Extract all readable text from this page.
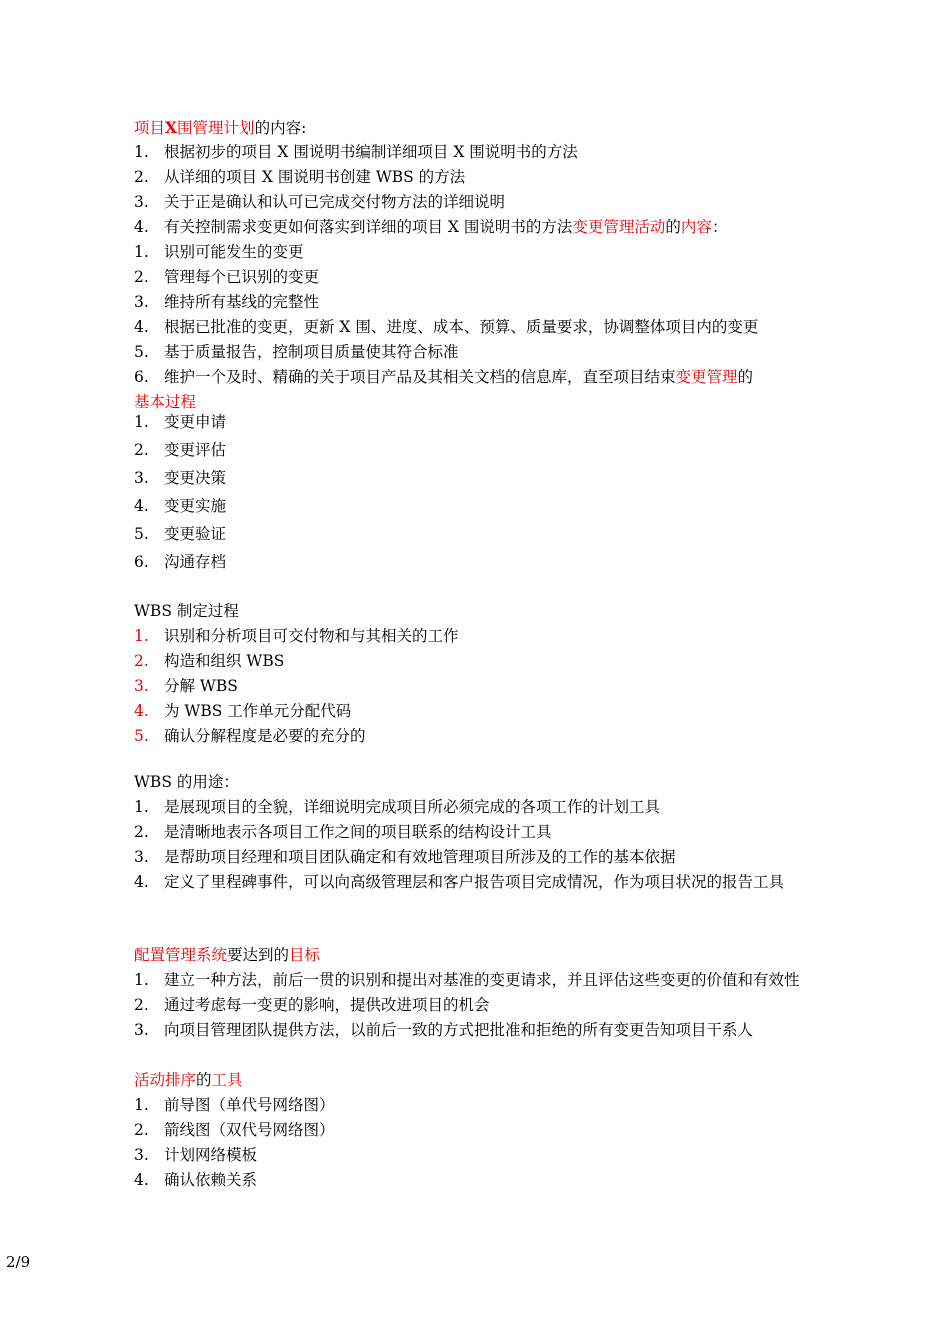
项目X围管理计划的内容:
1. 根据初步的项目 X 围说明书编制详细项目 X 围说明书的方法
2. 从详细的项目 X 围说明书创建 WBS 的方法
3. 关于正是确认和认可已完成交付物方法的详细说明
4. 有关控制需求变更如何落实到详细的项目 X 围说明书的方法变更管理活动的内容：
1. 识别可能发生的变更
2. 管理每个已识别的变更
3. 维持所有基线的完整性
4. 根据已批准的变更，更新 X 围、进度、成本、预算、质量要求，协调整体项目内的变更
5. 基于质量报告，控制项目质量使其符合标准
6. 维护一个及时、精确的关于项目产品及其相关文档的信息库，直至项目结束变更管理的
基本过程
1. 变更申请
2. 变更评估
3. 变更决策
4. 变更实施
5. 变更验证
6. 沟通存档
WBS 制定过程
1. 识别和分析项目可交付物和与其相关的工作
2. 构造和组织 WBS
3. 分解 WBS
4. 为 WBS 工作单元分配代码
5. 确认分解程度是必要的充分的
WBS 的用途：
1. 是展现项目的全貌，详细说明完成项目所必须完成的各项工作的计划工具
2. 是清晰地表示各项目工作之间的项目联系的结构设计工具
3. 是帮助项目经理和项目团队确定和有效地管理项目所涉及的工作的基本依据
4. 定义了里程碑事件，可以向高级管理层和客户报告项目完成情况，作为项目状况的报告工具
配置管理系统要达到的目标
1. 建立一种方法，前后一贯的识别和提出对基准的变更请求，并且评估这些变更的价值和有效性
2. 通过考虑每一变更的影响，提供改进项目的机会
3. 向项目管理团队提供方法，以前后一致的方式把批准和拒绝的所有变更告知项目干系人
活动排序的工具
1. 前导图（单代号网络图）
2. 箭线图（双代号网络图）
3. 计划网络模板
4. 确认依赖关系
2/9
